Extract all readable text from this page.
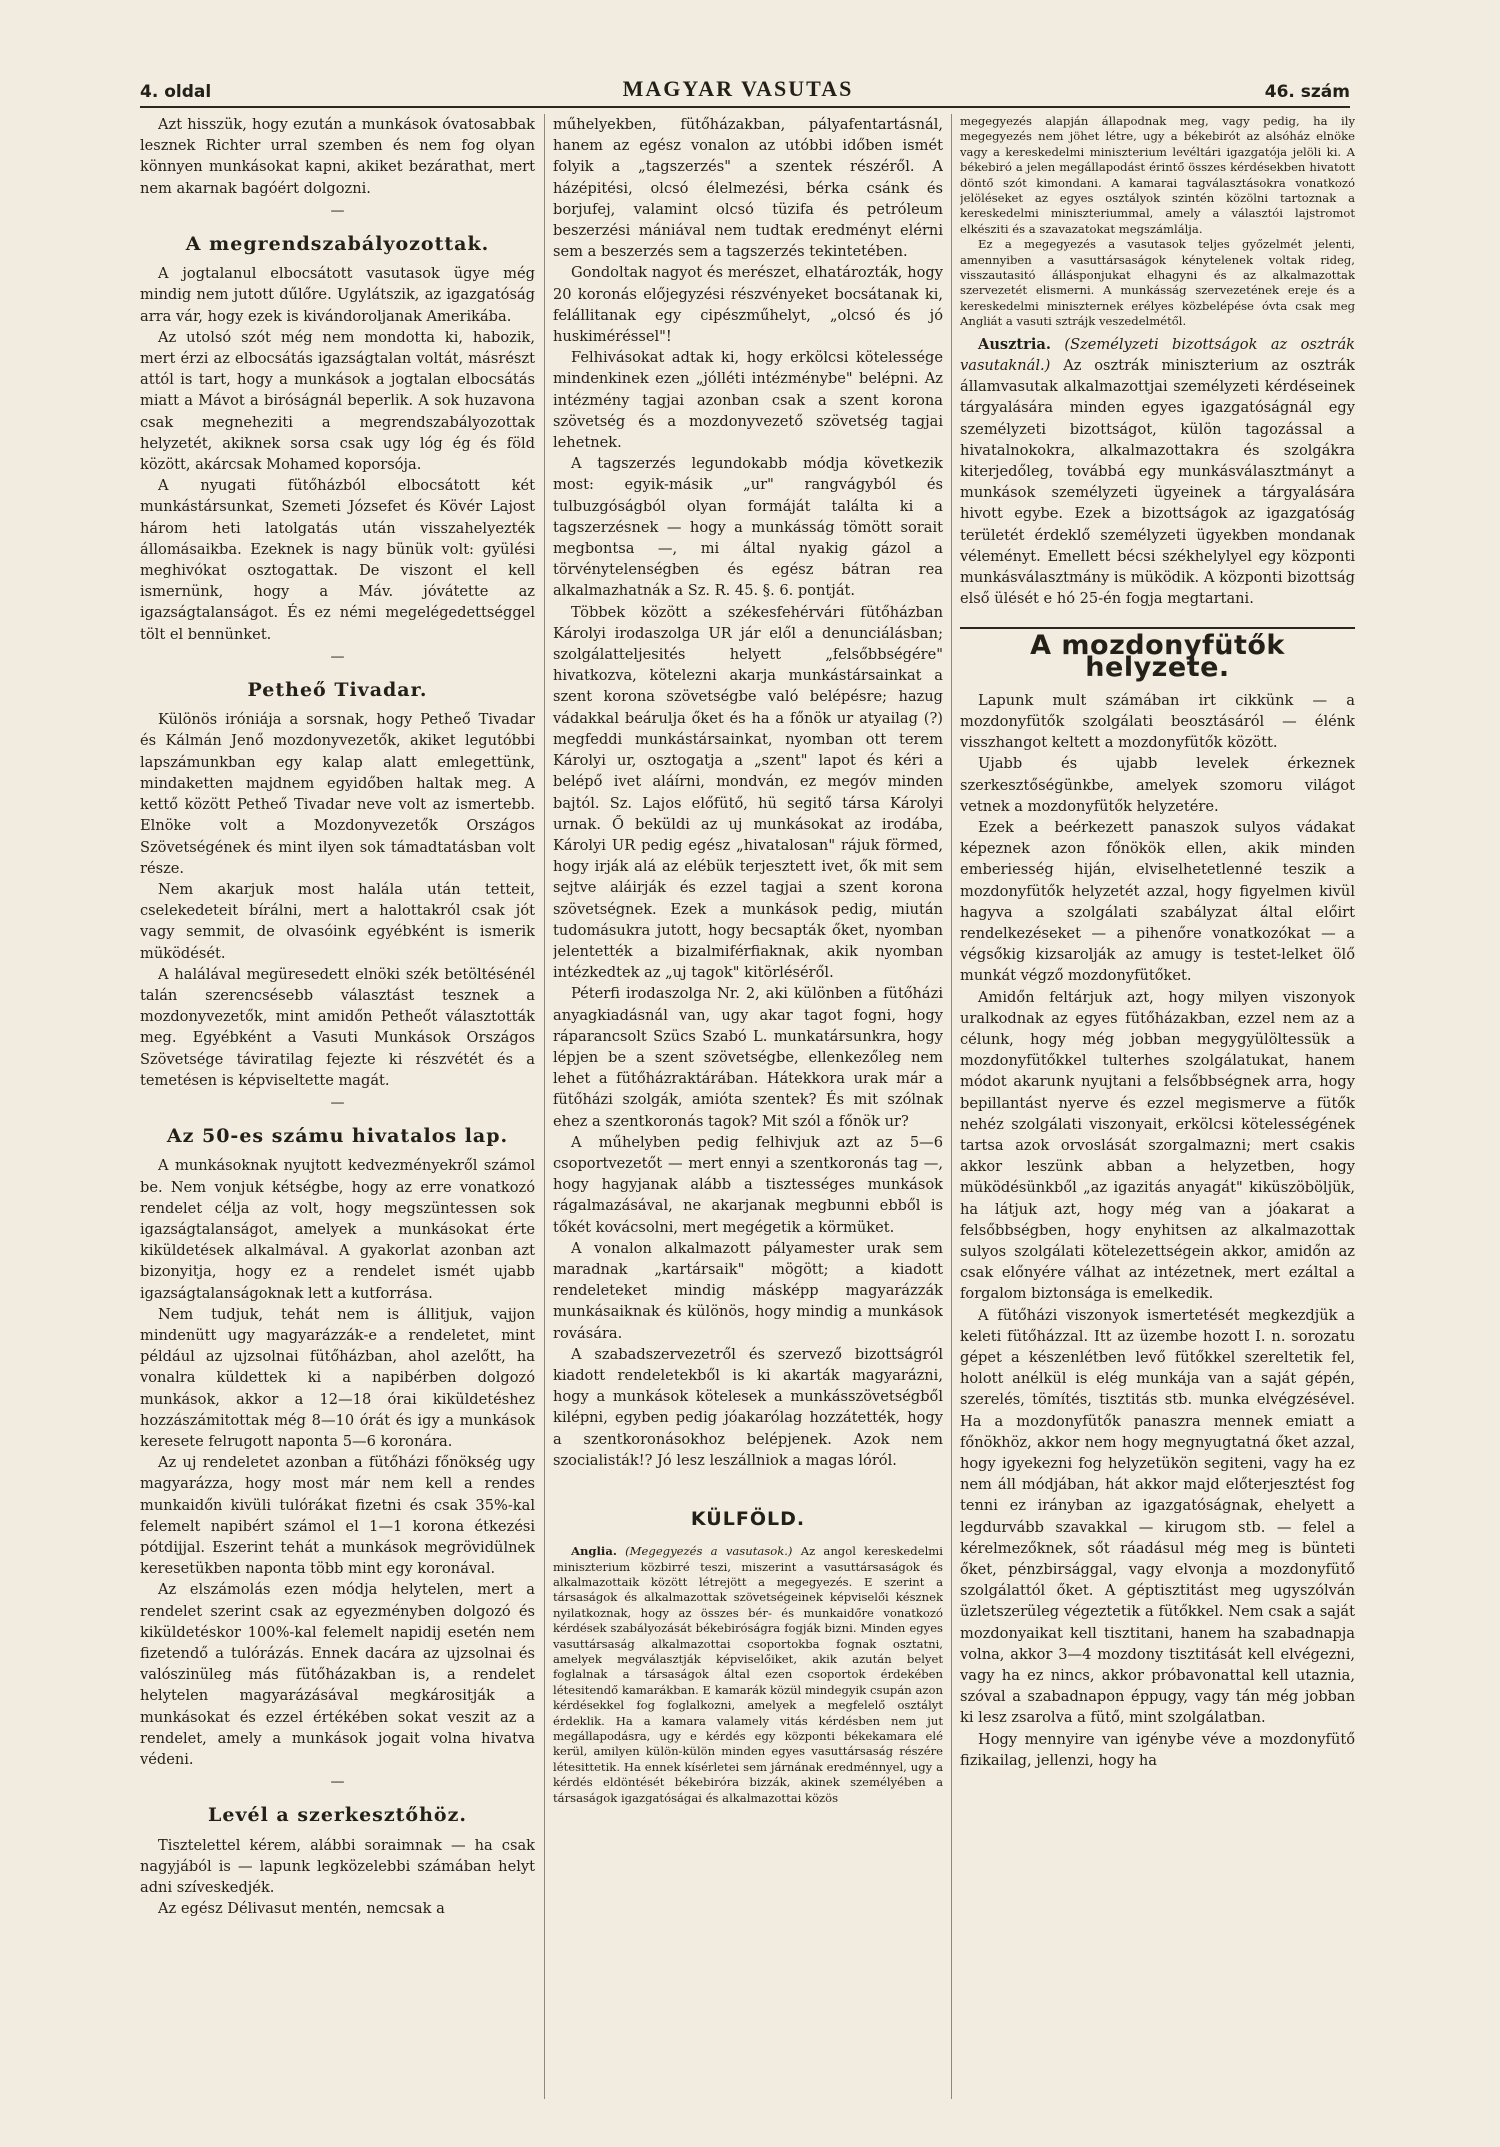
4. oldal	MAGYAR VASUTAS	46. szám

Azt hisszük, hogy ezután a munkások óvatosabbak lesznek Richter urral szemben és nem fog olyan könnyen munkásokat kapni, akiket bezárathat, mert nem akarnak bagóért dolgozni.

—

A megrendszabályozottak.

A jogtalanul elbocsátott vasutasok ügye még mindig nem jutott dűlőre. Ugylátszik, az igazgatóság arra vár, hogy ezek is kivándoroljanak Amerikába.

Az utolsó szót még nem mondotta ki, habozik, mert érzi az elbocsátás igazságtalan voltát, másrészt attól is tart, hogy a munkások a jogtalan elbocsátás miatt a Mávot a biróságnál beperlik. A sok huzavona csak megneheziti a megrendszabályozottak helyzetét, akiknek sorsa csak ugy lóg ég és föld között, akárcsak Mohamed koporsója.

A nyugati fütőházból elbocsátott két munkástársunkat, Szemeti Józsefet és Kövér Lajost három heti latolgatás után visszahelyezték állomásaikba. Ezeknek is nagy bünük volt: gyülési meghivókat osztogattak. De viszont el kell ismernünk, hogy a Máv. jóvátette az igazságtalanságot. És ez némi megelégedettséggel tölt el bennünket.

—

Petheő Tivadar.

Különös iróniája a sorsnak, hogy Petheő Tivadar és Kálmán Jenő mozdonyvezetők, akiket legutóbbi lapszámunkban egy kalap alatt emlegettünk, mindaketten majdnem egyidőben haltak meg. A kettő között Petheő Tivadar neve volt az ismertebb. Elnöke volt a Mozdonyvezetők Országos Szövetségének és mint ilyen sok támadtatásban volt része.

Nem akarjuk most halála után tetteit, cselekedeteit bírálni, mert a halottakról csak jót vagy semmit, de olvasóink egyébként is ismerik müködését.

A halálával megüresedett elnöki szék betöltésénél talán szerencsésebb választást tesznek a mozdonyvezetők, mint amidőn Petheőt választották meg. Egyébként a Vasuti Munkások Országos Szövetsége táviratilag fejezte ki részvétét és a temetésen is képviseltette magát.

—

Az 50-es számu hivatalos lap.

A munkásoknak nyujtott kedvezményekről számol be. Nem vonjuk kétségbe, hogy az erre vonatkozó rendelet célja az volt, hogy megszüntessen sok igazságtalanságot, amelyek a munkásokat érte kiküldetések alkalmával. A gyakorlat azonban azt bizonyitja, hogy ez a rendelet ismét ujabb igazságtalanságoknak lett a kutforrása.

Nem tudjuk, tehát nem is állitjuk, vajjon mindenütt ugy magyarázzák-e a rendeletet, mint például az ujzsolnai fütőházban, ahol azelőtt, ha vonalra küldettek ki a napibérben dolgozó munkások, akkor a 12—18 órai kiküldetéshez hozzászámitottak még 8—10 órát és igy a munkások keresete felrugott naponta 5—6 koronára.

Az uj rendeletet azonban a fütőházi főnökség ugy magyarázza, hogy most már nem kell a rendes munkaidőn kivüli tulórákat fizetni és csak 35%-kal felemelt napibért számol el 1—1 korona étkezési pótdijjal. Eszerint tehát a munkások megrövidülnek keresetükben naponta több mint egy koronával.

Az elszámolás ezen módja helytelen, mert a rendelet szerint csak az egyezményben dolgozó és kiküldetéskor 100%-kal felemelt napidij esetén nem fizetendő a tulórázás. Ennek dacára az ujzsolnai és valószinüleg más fütőházakban is, a rendelet helytelen magyarázásával megkárositják a munkásokat és ezzel értékében sokat veszit az a rendelet, amely a munkások jogait volna hivatva védeni.

—

Levél a szerkesztőhöz.

Tisztelettel kérem, alábbi soraimnak — ha csak nagyjából is — lapunk legközelebbi számában helyt adni szíveskedjék.

Az egész Délivasut mentén, nemcsak a

műhelyekben, fütőházakban, pályafentartásnál, hanem az egész vonalon az utóbbi időben ismét folyik a „tagszerzés" a szentek részéről. A házépitési, olcsó élelmezési, bérka csánk és borjufej, valamint olcsó tüzifa és petróleum beszerzési mániával nem tudtak eredményt elérni sem a beszerzés sem a tagszerzés tekintetében.

Gondoltak nagyot és merészet, elhatározták, hogy 20 koronás előjegyzési részvényeket bocsátanak ki, felállitanak egy cipészműhelyt, „olcsó és jó huskiméréssel"!

Felhivásokat adtak ki, hogy erkölcsi kötelessége mindenkinek ezen „jólléti intézménybe" belépni. Az intézmény tagjai azonban csak a szent korona szövetség és a mozdonyvezető szövetség tagjai lehetnek.

A tagszerzés legundokabb módja következik most: egyik-másik „ur" rangvágyból és tulbuzgóságból olyan formáját találta ki a tagszerzésnek — hogy a munkásság tömött sorait megbontsa —, mi által nyakig gázol a törvénytelenségben és egész bátran rea alkalmazhatnák a Sz. R. 45. §. 6. pontját.

Többek között a székesfehérvári fütőházban Károlyi irodaszolga UR jár elől a denunciálásban; szolgálatteljesités helyett „felsőbbségére" hivatkozva, kötelezni akarja munkástársainkat a szent korona szövetségbe való belépésre; hazug vádakkal beárulja őket és ha a főnök ur atyailag (?) megfeddi munkástársainkat, nyomban ott terem Károlyi ur, osztogatja a „szent" lapot és kéri a belépő ivet aláírni, mondván, ez megóv minden bajtól. Sz. Lajos előfütő, hü segitő társa Károlyi urnak. Ő beküldi az uj munkásokat az irodába, Károlyi UR pedig egész „hivatalosan" rájuk förmed, hogy irják alá az elébük terjesztett ivet, ők mit sem sejtve aláirják és ezzel tagjai a szent korona szövetségnek. Ezek a munkások pedig, miután tudomásukra jutott, hogy becsapták őket, nyomban jelentették a bizalmiférfiaknak, akik nyomban intézkedtek az „uj tagok" kitörléséről.

Péterfi irodaszolga Nr. 2, aki különben a fütőházi anyagkiadásnál van, ugy akar tagot fogni, hogy ráparancsolt Szücs Szabó L. munkatársunkra, hogy lépjen be a szent szövetségbe, ellenkezőleg nem lehet a fütőházraktárában. Hátekkora urak már a fütőházi szolgák, amióta szentek? És mit szólnak ehez a szentkoronás tagok? Mit szól a főnök ur?

A műhelyben pedig felhivjuk azt az 5—6 csoportvezetőt — mert ennyi a szentkoronás tag —, hogy hagyjanak alább a tisztességes munkások rágalmazásával, ne akarjanak megbunni ebből is tőkét kovácsolni, mert megégetik a körmüket.

A vonalon alkalmazott pályamester urak sem maradnak „kartársaik" mögött; a kiadott rendeleteket mindig másképp magyarázzák munkásaiknak és különös, hogy mindig a munkások rovására.

A szabadszervezetről és szervező bizottságról kiadott rendeletekből is ki akarták magyarázni, hogy a munkások kötelesek a munkásszövetségből kilépni, egyben pedig jóakarólag hozzátették, hogy a szentkoronásokhoz belépjenek. Azok nem szocialisták!? Jó lesz leszállniok a magas lóról.

KÜLFÖLD.

Anglia. (Megegyezés a vasutasok.) Az angol kereskedelmi miniszterium közbirré teszi, miszerint a vasuttársaságok és alkalmazottaik között létrejött a megegyezés. E szerint a társaságok és alkalmazottak szövetségeinek képviselői késznek nyilatkoznak, hogy az összes bér- és munkaidőre vonatkozó kérdések szabályozását békebiróságra fogják bizni. Minden egyes vasuttársaság alkalmazottai csoportokba fognak osztatni, amelyek megválasztják képviselőiket, akik azután belyet foglalnak a társaságok által ezen csoportok érdekében létesitendő kamarákban. E kamarák közül mindegyik csupán azon kérdésekkel fog foglalkozni, amelyek a megfelelő osztályt érdeklik. Ha a kamara valamely vitás kérdésben nem jut megállapodásra, ugy e kérdés egy központi békekamara elé kerül, amilyen külön-külön minden egyes vasuttársaság részére létesittetik. Ha ennek kísérletei sem járnának eredménnyel, ugy a kérdés eldöntését békebiróra bizzák, akinek személyében a társaságok igazgatóságai és alkalmazottai közös

megegyezés alapján állapodnak meg, vagy pedig, ha ily megegyezés nem jöhet létre, ugy a békebirót az alsóház elnöke vagy a kereskedelmi miniszterium levéltári igazgatója jelöli ki. A békebiró a jelen megállapodást érintő összes kérdésekben hivatott döntő szót kimondani. A kamarai tagválasztásokra vonatkozó jelöléseket az egyes osztályok szintén közölni tartoznak a kereskedelmi miniszteriummal, amely a választói lajstromot elkésziti és a szavazatokat megszámlálja.

Ez a megegyezés a vasutasok teljes győzelmét jelenti, amennyiben a vasuttársaságok kénytelenek voltak rideg, visszautasitó állásponjukat elhagyni és az alkalmazottak szervezetét elismerni. A munkásság szervezetének ereje és a kereskedelmi miniszternek erélyes közbelépése óvta csak meg Angliát a vasuti sztrájk veszedelmétől.

Ausztria. (Személyzeti bizottságok az osztrák vasutaknál.) Az osztrák miniszterium az osztrák államvasutak alkalmazottjai személyzeti kérdéseinek tárgyalására minden egyes igazgatóságnál egy személyzeti bizottságot, külön tagozással a hivatalnokokra, alkalmazottakra és szolgákra kiterjedőleg, továbbá egy munkásválasztmányt a munkások személyzeti ügyeinek a tárgyalására hivott egybe. Ezek a bizottságok az igazgatóság területét érdeklő személyzeti ügyekben mondanak véleményt. Emellett bécsi székhelylyel egy központi munkásválasztmány is müködik. A központi bizottság első ülését e hó 25-én fogja megtartani.

A mozdonyfütők helyzete.

Lapunk mult számában irt cikkünk — a mozdonyfütők szolgálati beosztásáról — élénk visszhangot keltett a mozdonyfütők között.

Ujabb és ujabb levelek érkeznek szerkesztőségünkbe, amelyek szomoru világot vetnek a mozdonyfütők helyzetére.

Ezek a beérkezett panaszok sulyos vádakat képeznek azon főnökök ellen, akik minden emberiesség hiján, elviselhetetlenné teszik a mozdonyfütők helyzetét azzal, hogy figyelmen kivül hagyva a szolgálati szabályzat által előirt rendelkezéseket — a pihenőre vonatkozókat — a végsőkig kizsarolják az amugy is testet-lelket ölő munkát végző mozdonyfütőket.

Amidőn feltárjuk azt, hogy milyen viszonyok uralkodnak az egyes fütőházakban, ezzel nem az a célunk, hogy még jobban megygyülöltessük a mozdonyfütőkkel tulterhes szolgálatukat, hanem módot akarunk nyujtani a felsőbbségnek arra, hogy bepillantást nyerve és ezzel megismerve a fütők nehéz szolgálati viszonyait, erkölcsi kötelességének tartsa azok orvoslását szorgalmazni; mert csakis akkor leszünk abban a helyzetben, hogy müködésünkből „az igazitás anyagát" kiküszöböljük, ha látjuk azt, hogy még van a jóakarat a felsőbbségben, hogy enyhitsen az alkalmazottak sulyos szolgálati kötelezettségein akkor, amidőn az csak előnyére válhat az intézetnek, mert ezáltal a forgalom biztonsága is emelkedik.

A fütőházi viszonyok ismertetését megkezdjük a keleti fütőházzal. Itt az üzembe hozott I. n. sorozatu gépet a készenlétben levő fütőkkel szereltetik fel, holott anélkül is elég munkája van a saját gépén, szerelés, tömítés, tisztitás stb. munka elvégzésével. Ha a mozdonyfütők panaszra mennek emiatt a főnökhöz, akkor nem hogy megnyugtatná őket azzal, hogy igyekezni fog helyzetükön segiteni, vagy ha ez nem áll módjában, hát akkor majd előterjesztést fog tenni ez irányban az igazgatóságnak, ehelyett a legdurvább szavakkal — kirugom stb. — felel a kérelmezőknek, sőt ráadásul még meg is bünteti őket, pénzbirsággal, vagy elvonja a mozdonyfütő szolgálattól őket. A géptisztitást meg ugyszólván üzletszerüleg végeztetik a fütőkkel. Nem csak a saját mozdonyaikat kell tisztitani, hanem ha szabadnapja volna, akkor 3—4 mozdony tisztitását kell elvégezni, vagy ha ez nincs, akkor próbavonattal kell utaznia, szóval a szabadnapon éppugy, vagy tán még jobban ki lesz zsarolva a fütő, mint szolgálatban.

Hogy mennyire van igénybe véve a mozdonyfütő fizikailag, jellenzi, hogy ha
